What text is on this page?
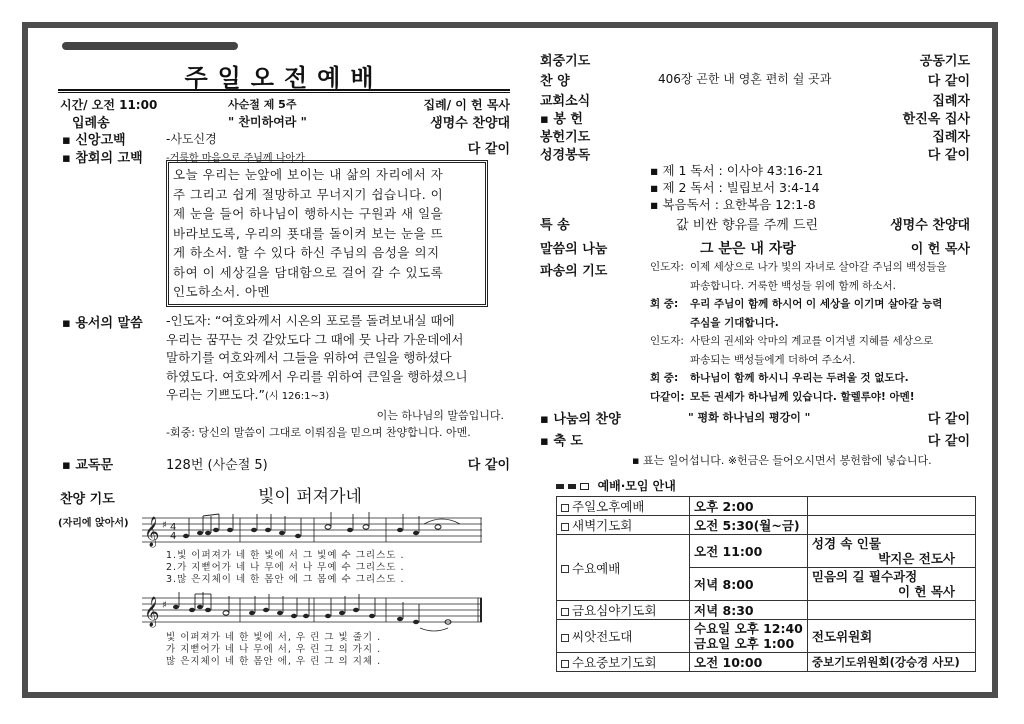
주일오전예배
시간/ 오전 11:00	사순절 제 5주	집례/ 이 헌 목사
입례송	" 찬미하여라 "	생명수 찬양대
▪ 신앙고백	-사도신경
▪ 참회의 고백 -거룩한 마음으로 주님께 나아가
다 같이
오늘 우리는 눈앞에 보이는 내 삶의 자리에서 자
주 그리고 쉽게 절망하고 무너지기 쉽습니다. 이
제 눈을 들어 하나님이 행하시는 구원과 새 일을
바라보도록, 우리의 푯대를 돌이켜 보는 눈을 뜨
게 하소서. 할 수 있다 하신 주님의 음성을 의지
하여 이 세상길을 담대함으로 걸어 갈 수 있도록
인도하소서. 아멘
▪ 용서의 말씀 -인도자: “여호와께서 시온의 포로를 돌려보내실 때에
우리는 꿈꾸는 것 같았도다 그 때에 뭇 나라 가운데에서
말하기를 여호와께서 그들을 위하여 큰일을 행하셨다
하였도다. 여호와께서 우리를 위하여 큰일을 행하셨으니
우리는 기쁘도다.”(시 126:1~3)
이는 하나님의 말씀입니다.
-회중: 당신의 말씀이 그대로 이뤄짐을 믿으며 찬양합니다. 아멘.
▪ 교독문	128번 (사순절 5)	다 같이
찬양 기도	빛이 퍼져가네
(자리에 앉아서) 𝄞 ♯
4
4
1.빛 이퍼져가 네 한 빛에 서 그 빛예 수 그리스도 .
2.가 지뻗어가 네 나 무에 서 나 무예 수 그리스도 .
3.많 은지체이 네 한 몸안 에 그 몸예 수 그리스도 .
𝄞 ♯
빛 이퍼져가 네 한 빛에 서, 우 린 그 빛 줄기 .
가 지뻗어가 네 나 무에 서, 우 린 그 의 가지 .
많 은지체이 네 한 몸안 에, 우 린 그 의 지체 .
회중기도	공동기도
찬 양	406장 곤한 내 영혼 편히 쉴 곳과	다 같이
교회소식	집례자
▪ 봉 헌	한진옥 집사
봉헌기도	집례자
성경봉독	다 같이
▪ 제 1 독서 : 이사야 43:16-21
▪ 제 2 독서 : 빌립보서 3:4-14
▪ 복음독서 : 요한복음 12:1-8
특 송	값 비싼 향유를 주께 드린	생명수 찬양대
말씀의 나눔	그 분은 내 자랑	이 헌 목사
파송의 기도	인도자: 이제 세상으로 나가 빛의 자녀로 살아갈 주님의 백성들을
파송합니다. 거룩한 백성들 위에 함께 하소서.
회 중: 우리 주님이 함께 하시어 이 세상을 이기며 살아갈 능력
주심을 기대합니다.
인도자: 사탄의 권세와 악마의 계교를 이겨낼 지혜를 세상으로
파송되는 백성들에게 더하여 주소서.
회 중: 하나님이 함께 하시니 우리는 두려울 것 없도다.
다같이: 모든 권세가 하나님께 있습니다. 할렐루야! 아멘!
▪ 나눔의 찬양	" 평화 하나님의 평강이 "	다 같이
▪ 축 도	다 같이
▪ 표는 일어섭니다. ※헌금은 들어오시면서 봉헌함에 넣습니다.
예배·모임 안내
주일오후예배	오후 2:00	
새벽기도회	오전 5:30(월~금)	
수요예배	오전 11:00	성경 속 인물
박지은 전도사

	저녁 8:00	믿음의 길 필수과정
이 헌 목사

금요심야기도회	저녁 8:30	
씨앗전도대	수요일 오후 12:40
금요일 오후 1:00	전도위원회
수요중보기도회	오전 10:00	중보기도위원회(강승경 사모)
